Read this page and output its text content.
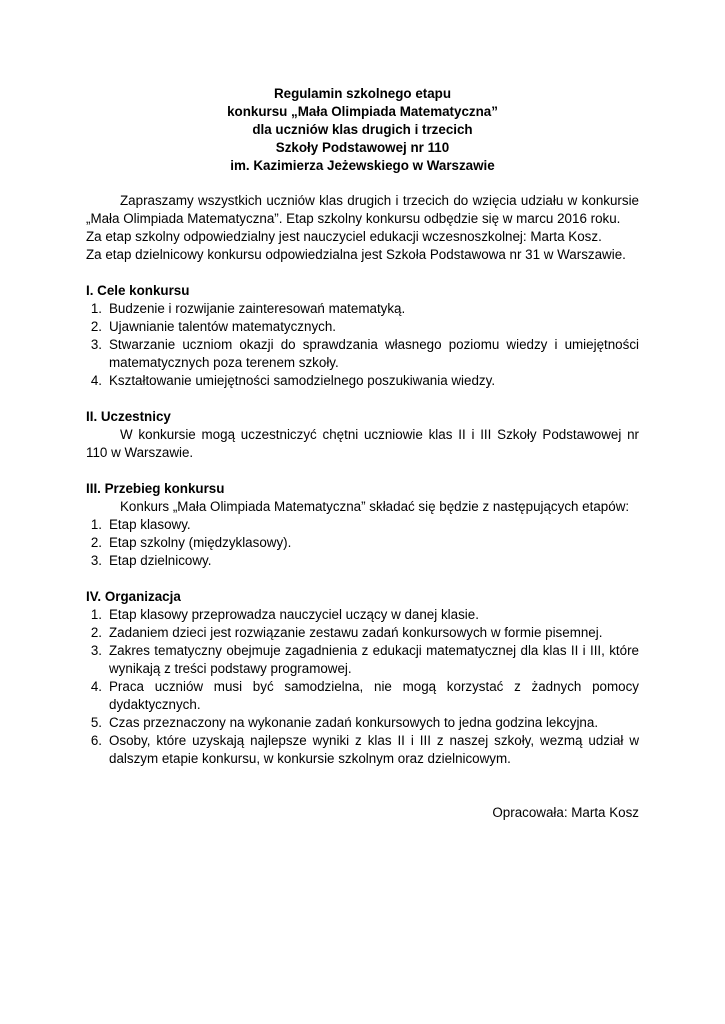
Regulamin szkolnego etapu
konkursu „Mała Olimpiada Matematyczna”
dla uczniów klas drugich i trzecich
Szkoły Podstawowej nr 110
im. Kazimierza Jeżewskiego w Warszawie
Zapraszamy wszystkich uczniów klas drugich i trzecich do wzięcia udziału w konkursie „Mała Olimpiada Matematyczna”. Etap szkolny konkursu odbędzie się w marcu 2016 roku.
Za etap szkolny odpowiedzialny jest nauczyciel edukacji wczesnoszkolnej: Marta Kosz.
Za etap dzielnicowy konkursu odpowiedzialna jest Szkoła Podstawowa nr 31 w Warszawie.
I. Cele konkursu
1. Budzenie i rozwijanie zainteresowań matematyką.
2. Ujawnianie talentów matematycznych.
3. Stwarzanie uczniom okazji do sprawdzania własnego poziomu wiedzy i umiejętności matematycznych poza terenem szkoły.
4. Kształtowanie umiejętności samodzielnego poszukiwania wiedzy.
II. Uczestnicy
W konkursie mogą uczestniczyć chętni uczniowie klas II i III Szkoły Podstawowej nr 110 w Warszawie.
III. Przebieg konkursu
Konkurs „Mała Olimpiada Matematyczna” składać się będzie z następujących etapów:
1. Etap klasowy.
2. Etap szkolny (międzyklasowy).
3. Etap dzielnicowy.
IV. Organizacja
1. Etap klasowy przeprowadza nauczyciel uczący w danej klasie.
2. Zadaniem dzieci jest rozwiązanie zestawu zadań konkursowych w formie pisemnej.
3. Zakres tematyczny obejmuje zagadnienia z edukacji matematycznej dla klas II i III, które wynikają z treści podstawy programowej.
4. Praca uczniów musi być samodzielna, nie mogą korzystać z żadnych pomocy dydaktycznych.
5. Czas przeznaczony na wykonanie zadań konkursowych to jedna godzina lekcyjna.
6. Osoby, które uzyskają najlepsze wyniki z klas II i III z naszej szkoły, wezmą udział w dalszym etapie konkursu, w konkursie szkolnym oraz dzielnicowym.
Opracowała: Marta Kosz
